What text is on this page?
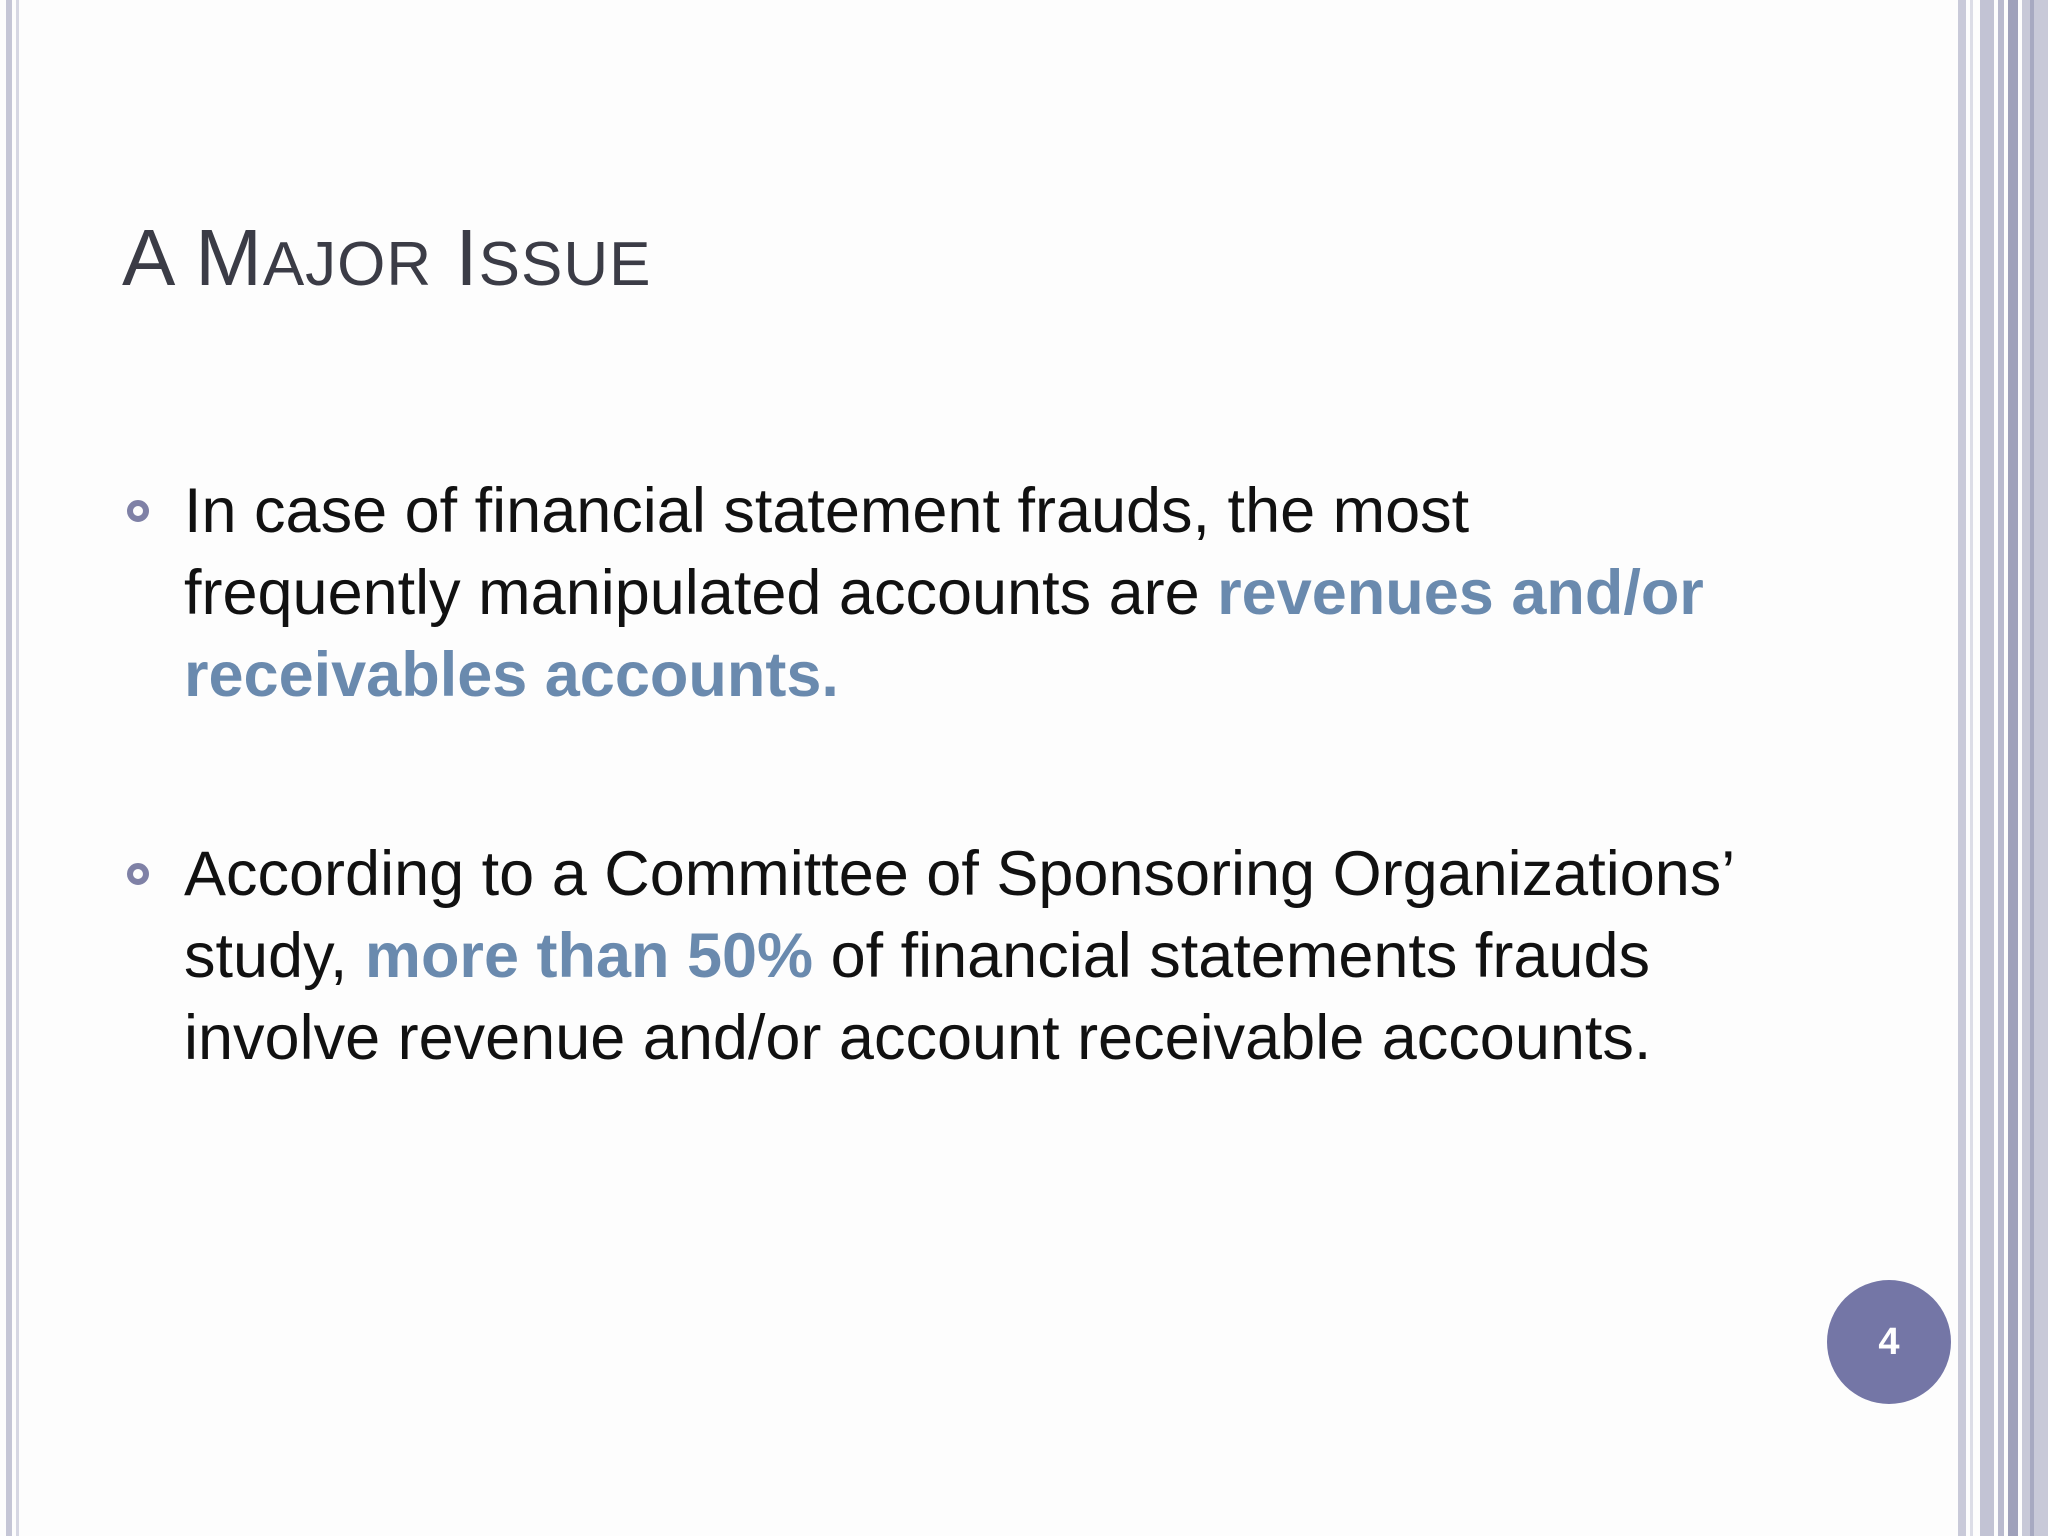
A MAJOR ISSUE
In case of financial statement frauds, the most frequently manipulated accounts are revenues and/or receivables accounts.
According to a Committee of Sponsoring Organizations’ study, more than 50% of financial statements frauds involve revenue and/or account receivable accounts.
4
